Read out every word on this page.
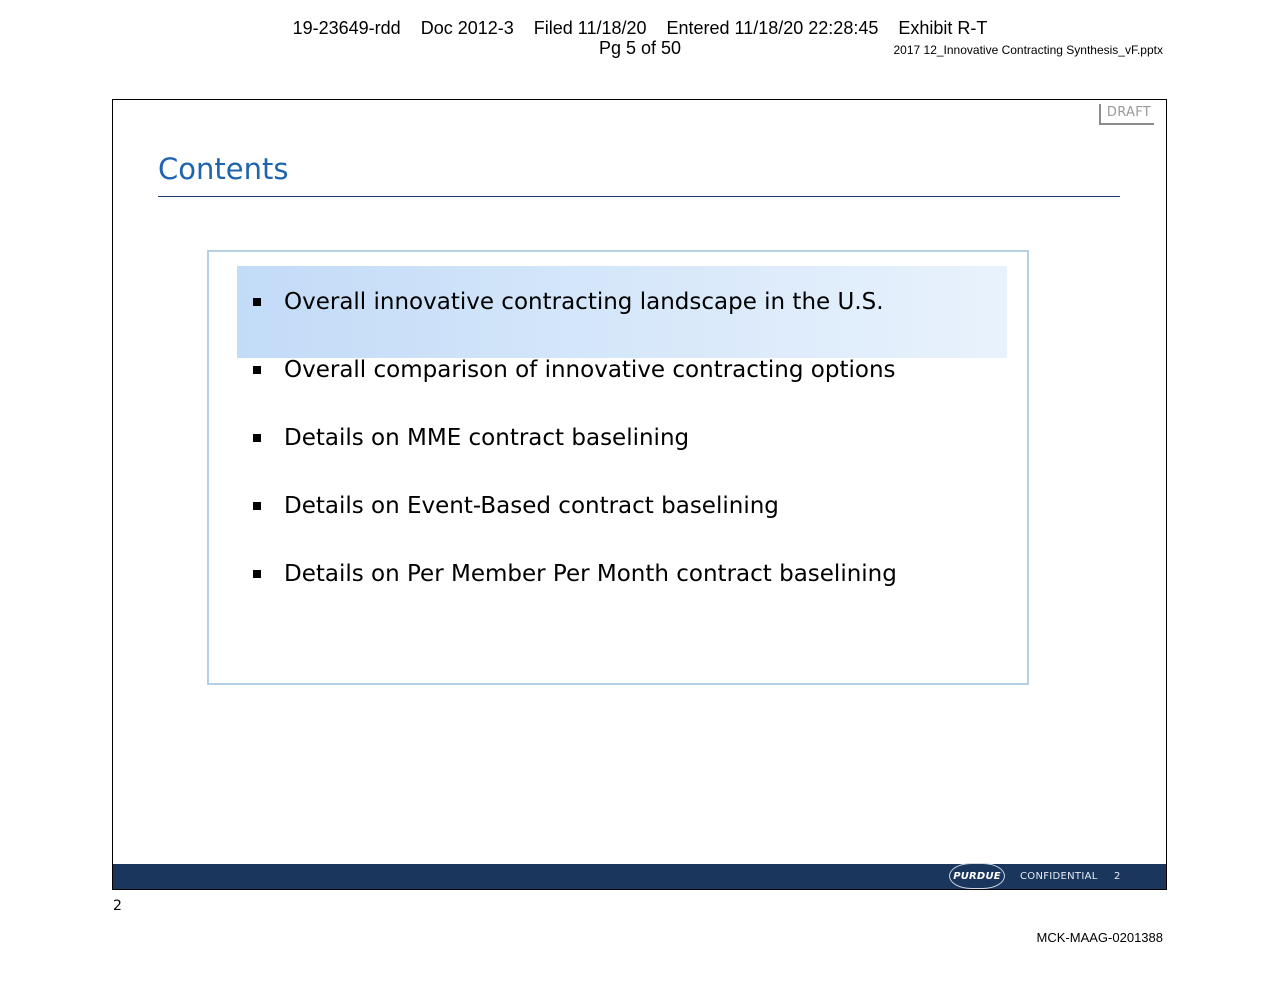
19-23649-rdd    Doc 2012-3    Filed 11/18/20    Entered 11/18/20 22:28:45    Exhibit R-T
Pg 5 of 50	2017 12_Innovative Contracting Synthesis_vF.pptx
DRAFT
Contents
Overall innovative contracting landscape in the U.S.
Overall comparison of innovative contracting options
Details on MME contract baselining
Details on Event-Based contract baselining
Details on Per Member Per Month contract baselining
PURDUE	CONFIDENTIAL 2
2
MCK-MAAG-0201388
